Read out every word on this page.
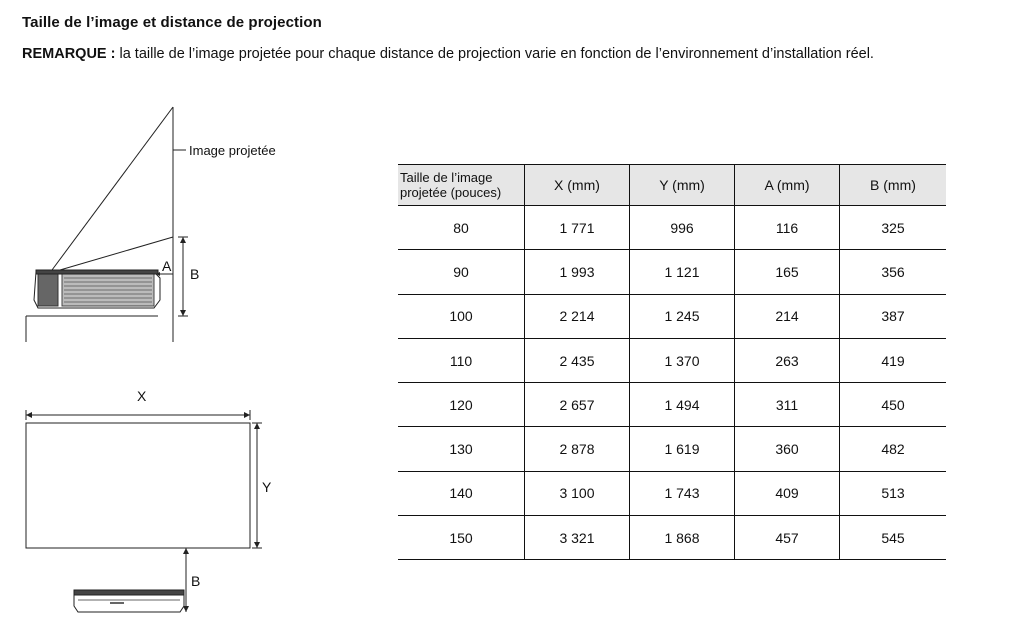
Taille de l’image et distance de projection
REMARQUE : la taille de l’image projetée pour chaque distance de projection varie en fonction de l’environnement d’installation réel.
Image projetée
A B
X
Y
B
Taille de l’image projetée (pouces)	X (mm)	Y (mm)	A (mm)	B (mm)
80	1 771	996	116	325
90	1 993	1 121	165	356
100	2 214	1 245	214	387
110	2 435	1 370	263	419
120	2 657	1 494	311	450
130	2 878	1 619	360	482
140	3 100	1 743	409	513
150	3 321	1 868	457	545
